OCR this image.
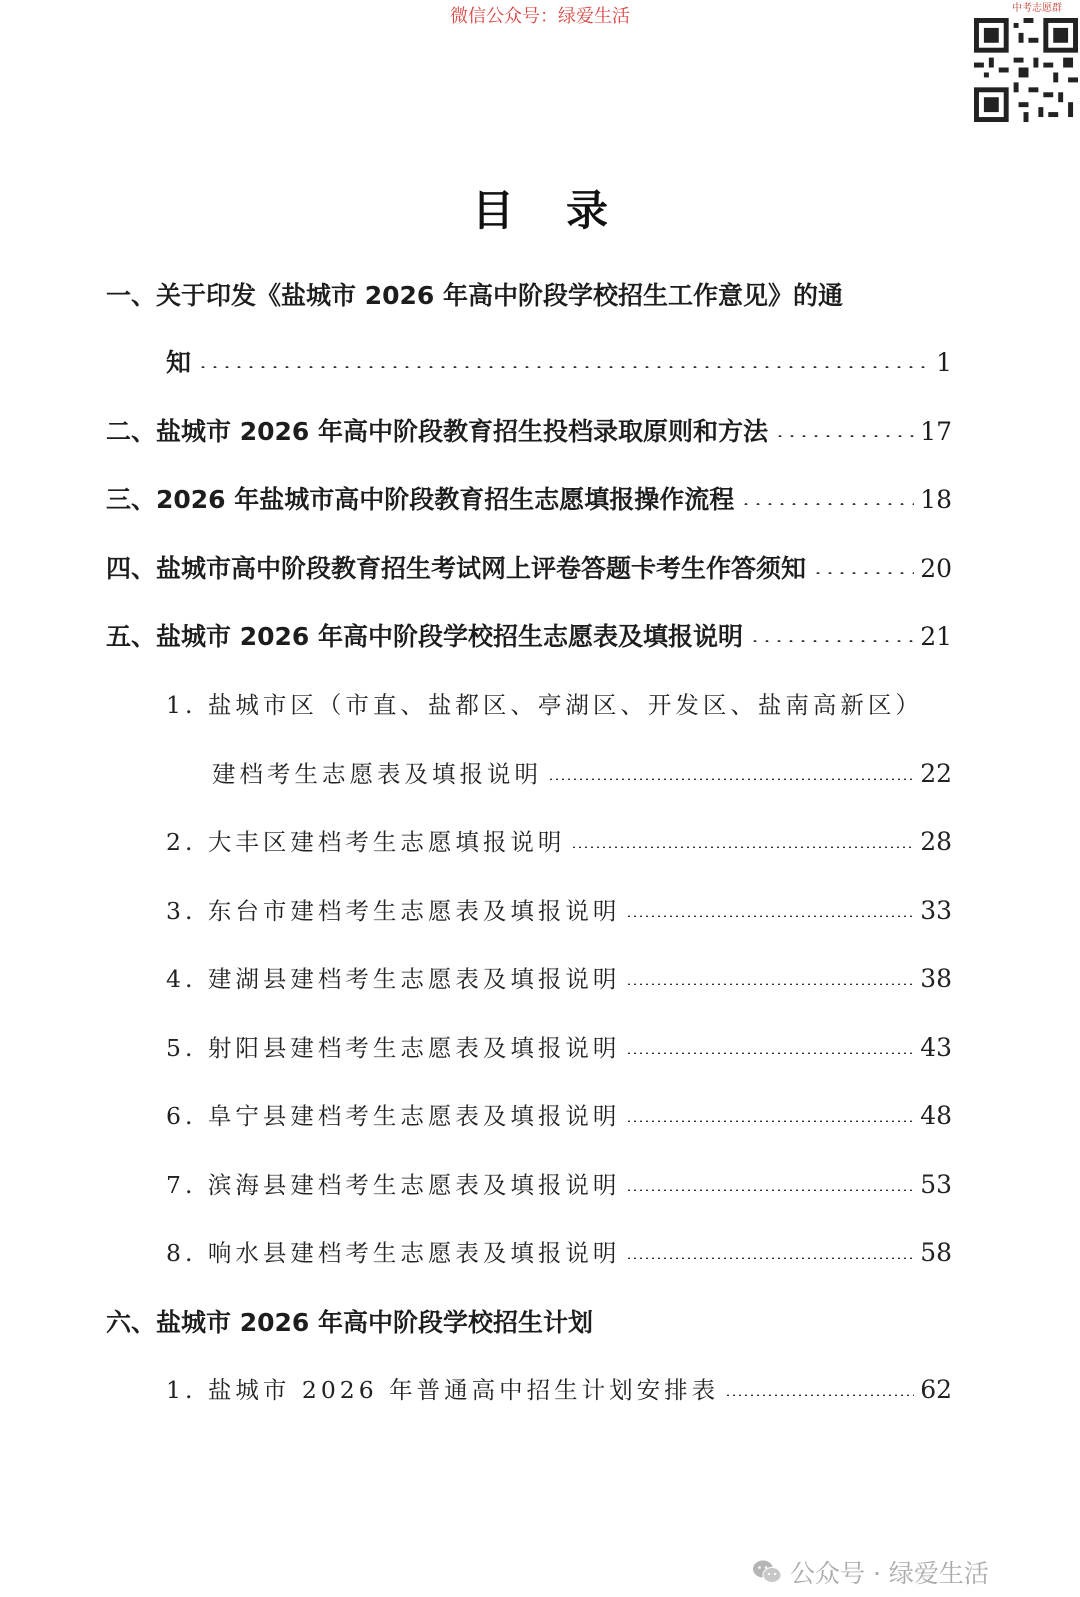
微信公众号：绿爱生活	中考志愿群
目录
一、关于印发《盐城市 2026 年高中阶段学校招生工作意见》的通
知	1
二、盐城市 2026 年高中阶段教育招生投档录取原则和方法	17
三、2026 年盐城市高中阶段教育招生志愿填报操作流程	18
四、盐城市高中阶段教育招生考试网上评卷答题卡考生作答须知	20
五、盐城市 2026 年高中阶段学校招生志愿表及填报说明	21
1. 盐城市区（市直、盐都区、亭湖区、开发区、盐南高新区）
建档考生志愿表及填报说明	22
2. 大丰区建档考生志愿填报说明	28
3. 东台市建档考生志愿表及填报说明	33
4. 建湖县建档考生志愿表及填报说明	38
5. 射阳县建档考生志愿表及填报说明	43
6. 阜宁县建档考生志愿表及填报说明	48
7. 滨海县建档考生志愿表及填报说明	53
8. 响水县建档考生志愿表及填报说明	58
六、盐城市 2026 年高中阶段学校招生计划
1. 盐城市 2026 年普通高中招生计划安排表	62
公众号 · 绿爱生活
